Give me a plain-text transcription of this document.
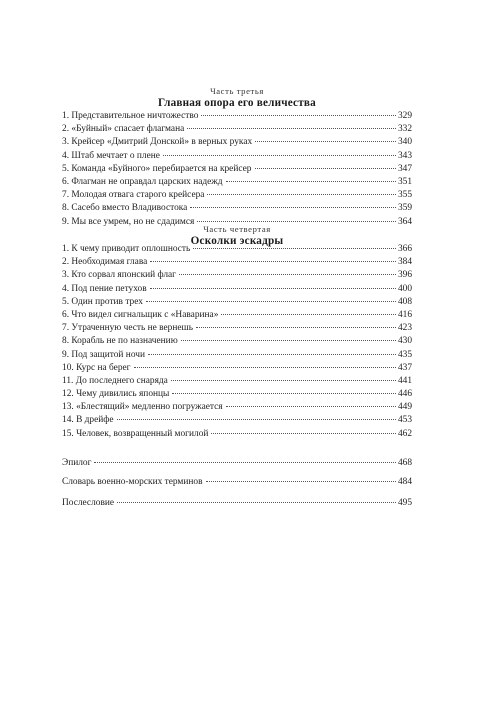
Часть третья
Главная опора его величества
1. Представительное ничтожество	329
2. «Буйный» спасает флагмана	332
3. Крейсер «Дмитрий Донской» в верных руках	340
4. Штаб мечтает о плене	343
5. Команда «Буйного» перебирается на крейсер	347
6. Флагман не оправдал царских надежд	351
7. Молодая отвага старого крейсера	355
8. Сасебо вместо Владивостока	359
9. Мы все умрем, но не сдадимся	364
Часть четвертая
Осколки эскадры
1. К чему приводит оплошность	366
2. Необходимая глава	384
3. Кто сорвал японский флаг	396
4. Под пение петухов	400
5. Один против трех	408
6. Что видел сигнальщик с «Наварина»	416
7. Утраченную честь не вернешь	423
8. Корабль не по назначению	430
9. Под защитой ночи	435
10. Курс на берег	437
11. До последнего снаряда	441
12. Чему дивились японцы	446
13. «Блестящий» медленно погружается	449
14. В дрейфе	453
15. Человек, возвращенный могилой	462
Эпилог	468
Словарь военно-морских терминов	484
Послесловие	495
